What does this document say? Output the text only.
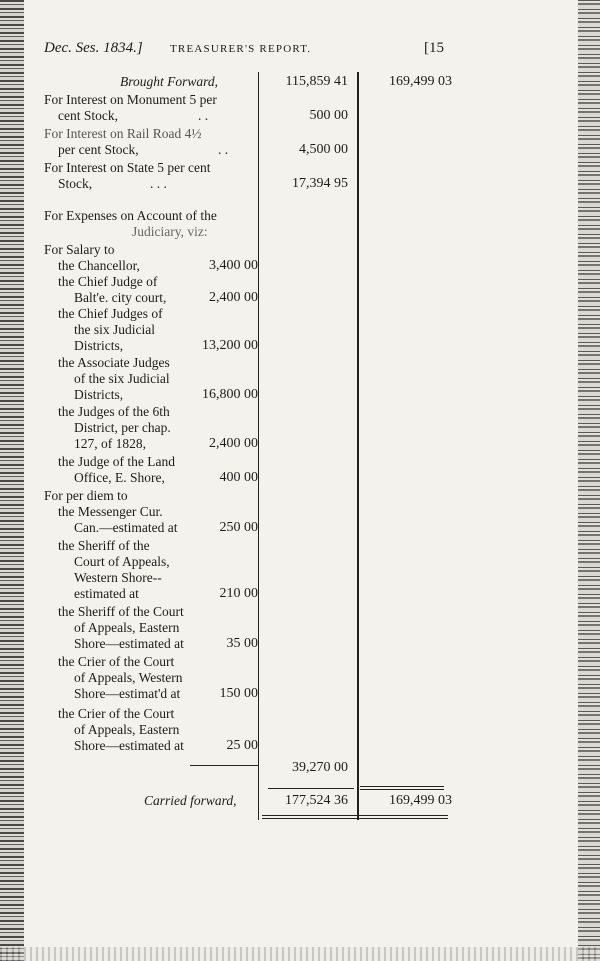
Dec. Ses. 1834.] TREASURER'S REPORT.	[15
Brought Forward,	115,859 41	169,499 03
For Interest on Monument 5 per
cent Stock,	. .	500 00
For Interest on Rail Road 4½
per cent Stock,	. .	4,500 00
For Interest on State 5 per cent
Stock,	. . .	17,394 95
For Expenses on Account of the
Judiciary, viz:
For Salary to
the Chancellor,	3,400 00
the Chief Judge of
Balt'e. city court,	2,400 00
the Chief Judges of
the six Judicial
Districts,	13,200 00
the Associate Judges
of the six Judicial
Districts,	16,800 00
the Judges of the 6th
District, per chap.
127, of 1828,	2,400 00
the Judge of the Land
Office, E. Shore,	400 00
For per diem to
the Messenger Cur.
Can.—estimated at	250 00
the Sheriff of the
Court of Appeals,
Western Shore--
estimated at	210 00
the Sheriff of the Court
of Appeals, Eastern
Shore—estimated at	35 00
the Crier of the Court
of Appeals, Western
Shore—estimat'd at	150 00
the Crier of the Court
of Appeals, Eastern
Shore—estimated at	25 00
39,270 00
Carried forward,	177,524 36	169,499 03
